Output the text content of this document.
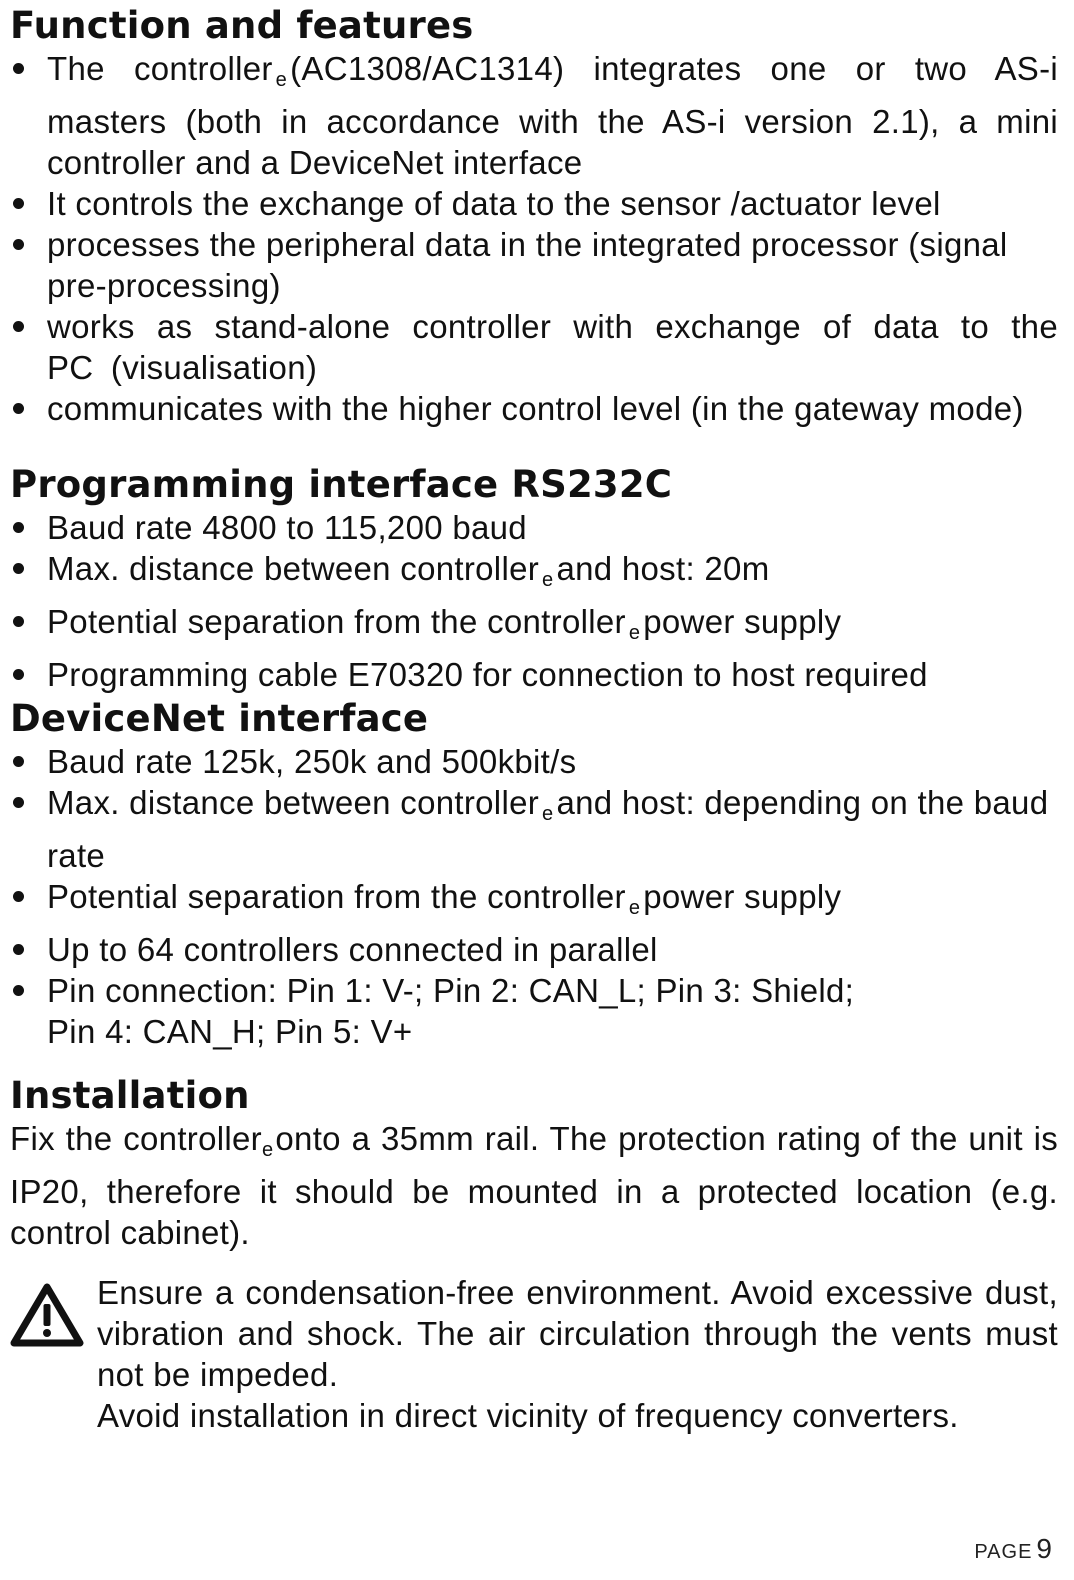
Function and features
The controller $_e$(AC1308/AC1314) integrates one or two AS-i masters (both in accordance with the AS-i version 2.1), a mini controller and a DeviceNet interface
It controls the exchange of data to the sensor /actuator level
processes the peripheral data in the integrated processor (signal pre-processing)
works as stand-alone controller with exchange of data to the PC (visualisation)
communicates with the higher control level (in the gateway mode)
Programming interface RS232C
Baud rate 4800 to 115,200 baud
Max. distance between controller $_e$and host: 20m
Potential separation from the controller $_e$power supply
Programming cable E70320 for connection to host required
DeviceNet interface
Baud rate 125k, 250k and 500kbit/s
Max. distance between controller $_e$and host: depending on the baud rate
Potential separation from the controller $_e$power supply
Up to 64 controllers connected in parallel
Pin connection: Pin 1: V-; Pin 2: CAN_L; Pin 3: Shield;
Pin 4: CAN_H; Pin 5: V+
Installation

Fix the controller$_e$onto a 35mm rail. The protection rating of the unit is IP20, therefore it should be mounted in a protected location (e.g. control cabinet).

Ensure a condensation-free environment. Avoid excessive dust, vibration and shock. The air circulation through the vents must not be impeded.

Avoid installation in direct vicinity of frequency converters.

PAGE 9
